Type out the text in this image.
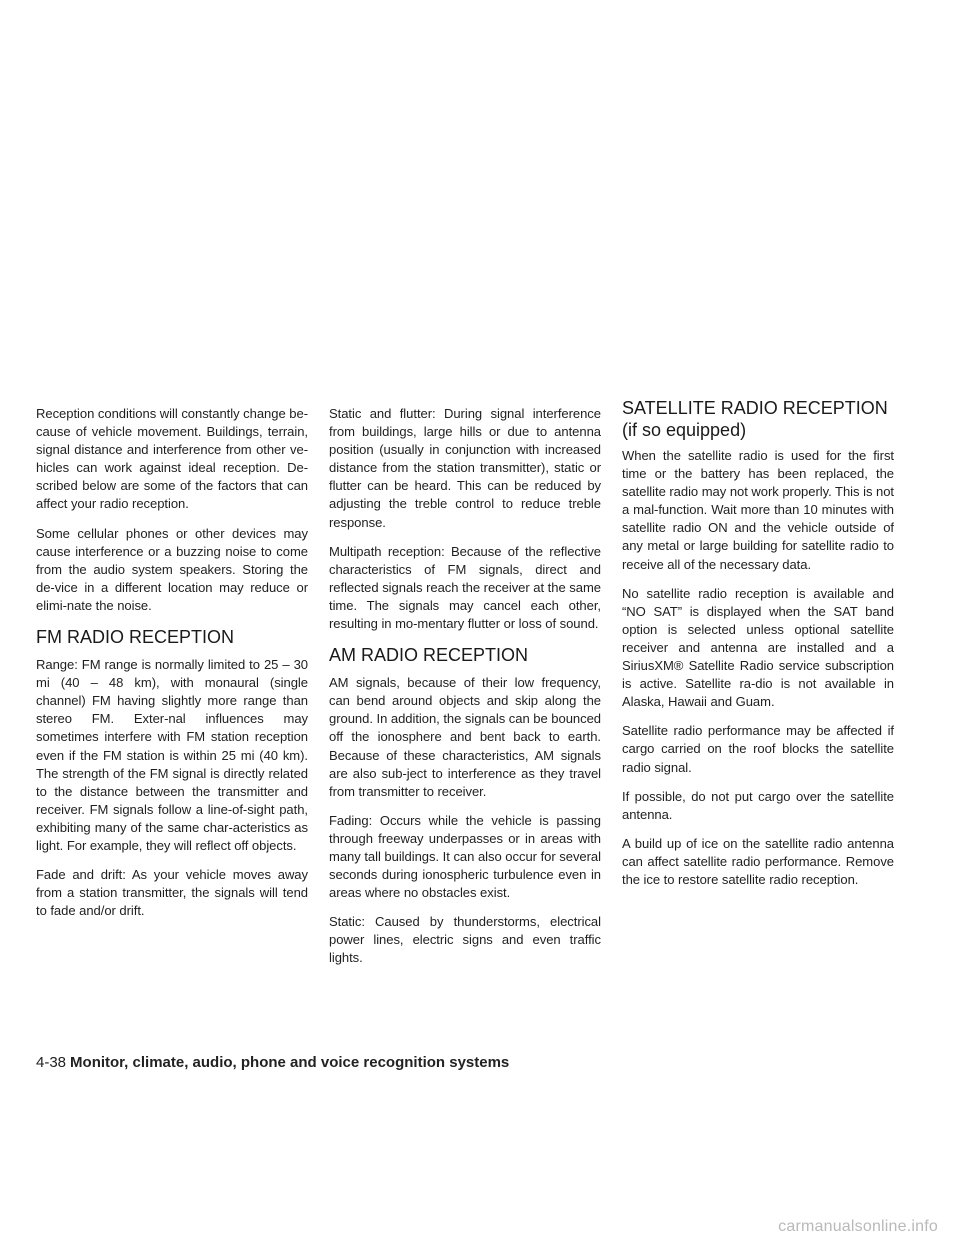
Reception conditions will constantly change be-cause of vehicle movement. Buildings, terrain, signal distance and interference from other ve-hicles can work against ideal reception. De-scribed below are some of the factors that can affect your radio reception.

Some cellular phones or other devices may cause interference or a buzzing noise to come from the audio system speakers. Storing the de-vice in a different location may reduce or elimi-nate the noise.

FM RADIO RECEPTION

Range: FM range is normally limited to 25 – 30 mi (40 – 48 km), with monaural (single channel) FM having slightly more range than stereo FM. Exter-nal influences may sometimes interfere with FM station reception even if the FM station is within 25 mi (40 km). The strength of the FM signal is directly related to the distance between the transmitter and receiver. FM signals follow a line-of-sight path, exhibiting many of the same char-acteristics as light. For example, they will reflect off objects.

Fade and drift: As your vehicle moves away from a station transmitter, the signals will tend to fade and/or drift.

Static and flutter: During signal interference from buildings, large hills or due to antenna position (usually in conjunction with increased distance from the station transmitter), static or flutter can be heard. This can be reduced by adjusting the treble control to reduce treble response.

Multipath reception: Because of the reflective characteristics of FM signals, direct and reflected signals reach the receiver at the same time. The signals may cancel each other, resulting in mo-mentary flutter or loss of sound.

AM RADIO RECEPTION

AM signals, because of their low frequency, can bend around objects and skip along the ground. In addition, the signals can be bounced off the ionosphere and bent back to earth. Because of these characteristics, AM signals are also sub-ject to interference as they travel from transmitter to receiver.

Fading: Occurs while the vehicle is passing through freeway underpasses or in areas with many tall buildings. It can also occur for several seconds during ionospheric turbulence even in areas where no obstacles exist.

Static: Caused by thunderstorms, electrical power lines, electric signs and even traffic lights.

SATELLITE RADIO RECEPTION (if so equipped)

When the satellite radio is used for the first time or the battery has been replaced, the satellite radio may not work properly. This is not a mal-function. Wait more than 10 minutes with satellite radio ON and the vehicle outside of any metal or large building for satellite radio to receive all of the necessary data.

No satellite radio reception is available and “NO SAT” is displayed when the SAT band option is selected unless optional satellite receiver and antenna are installed and a SiriusXM® Satellite Radio service subscription is active. Satellite ra-dio is not available in Alaska, Hawaii and Guam.

Satellite radio performance may be affected if cargo carried on the roof blocks the satellite radio signal.

If possible, do not put cargo over the satellite antenna.

A build up of ice on the satellite radio antenna can affect satellite radio performance. Remove the ice to restore satellite radio reception.

4-38 Monitor, climate, audio, phone and voice recognition systems
carmanualsonline.info
